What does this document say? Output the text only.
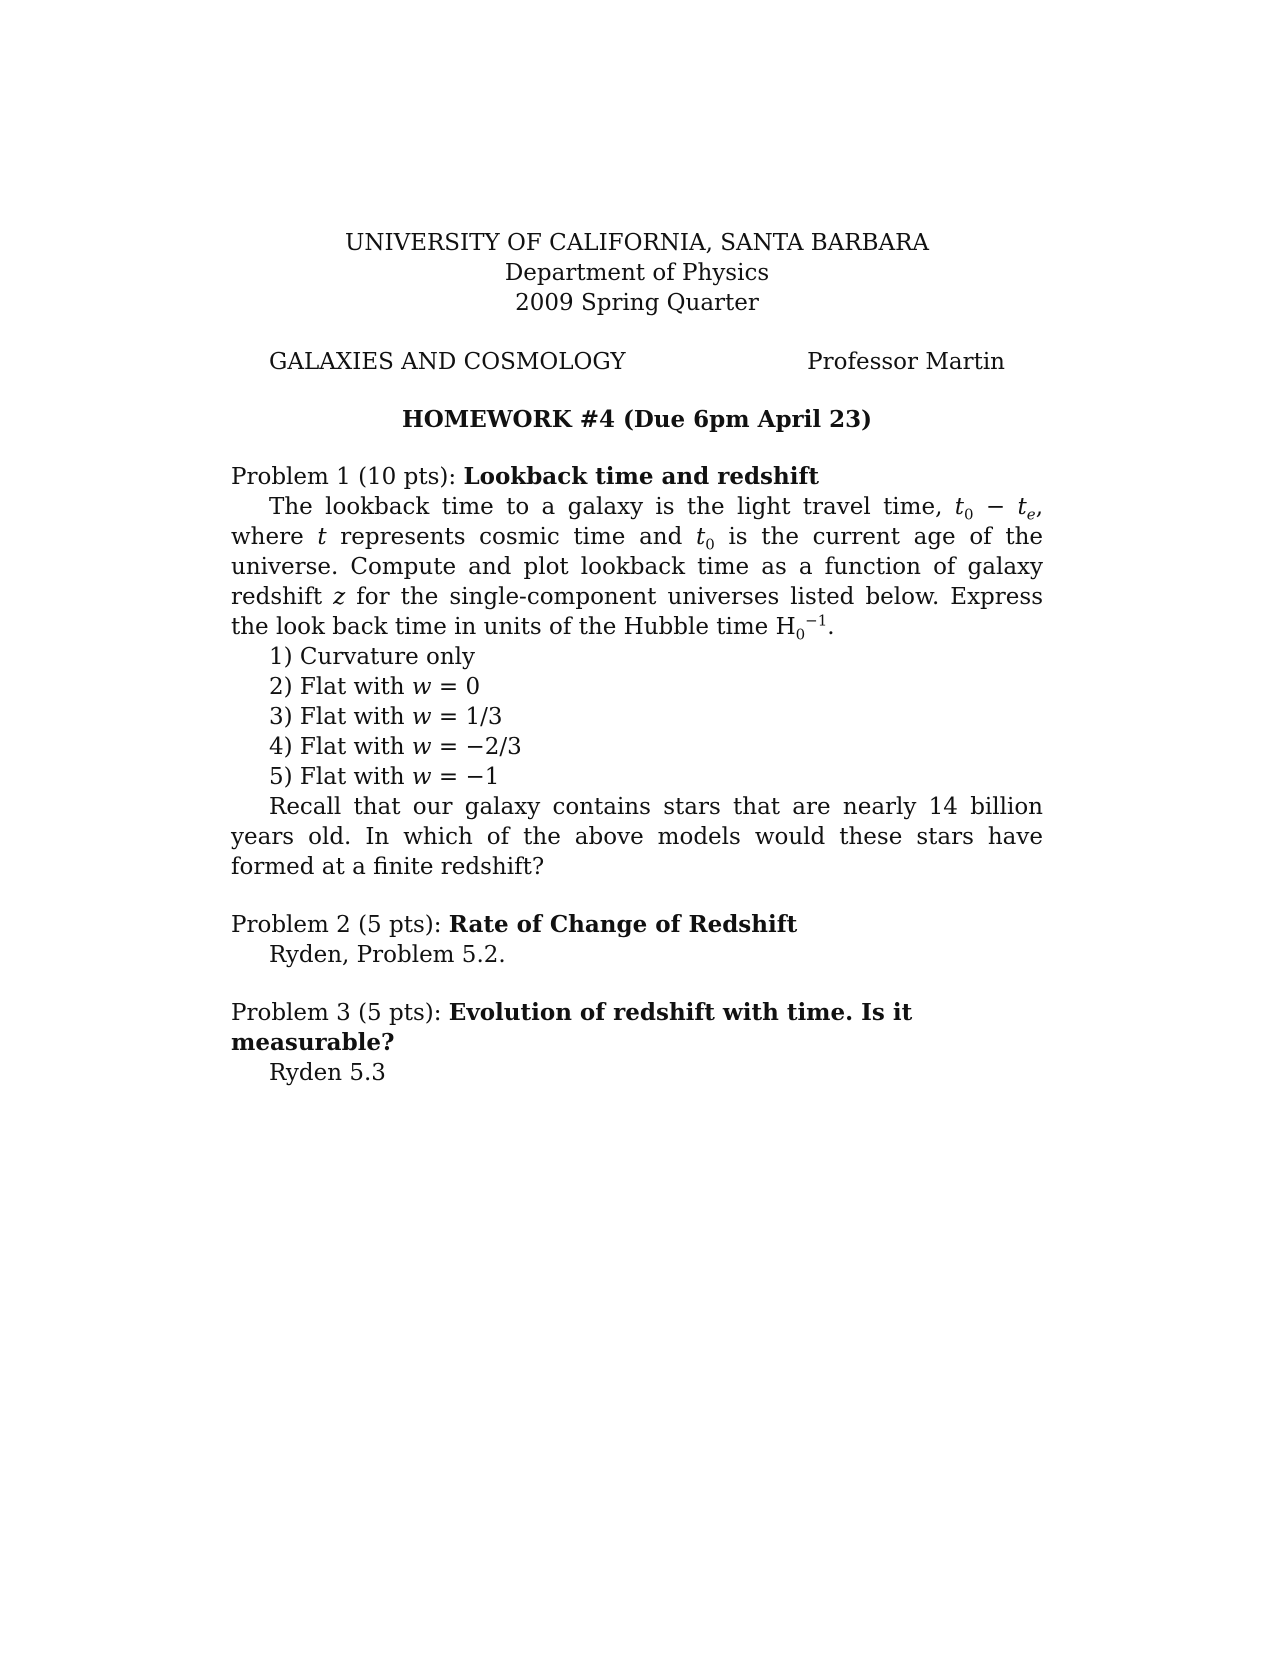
UNIVERSITY OF CALIFORNIA, SANTA BARBARA
Department of Physics
2009 Spring Quarter
GALAXIES AND COSMOLOGY	Professor Martin
HOMEWORK #4 (Due 6pm April 23)
Problem 1 (10 pts): Lookback time and redshift
The lookback time to a galaxy is the light travel time, $t_0 - t_e$, where t represents cosmic time and $t_0$ is the current age of the universe. Compute and plot lookback time as a function of galaxy redshift z for the single-component universes listed below. Express the look back time in units of the Hubble time $H_0^{-1}$.
1) Curvature only
2) Flat with w = 0
3) Flat with w = 1/3
4) Flat with w = −2/3
5) Flat with w = −1
Recall that our galaxy contains stars that are nearly 14 billion years old. In which of the above models would these stars have formed at a finite redshift?
Problem 2 (5 pts): Rate of Change of Redshift
Ryden, Problem 5.2.
Problem 3 (5 pts): Evolution of redshift with time. Is it measurable?
Ryden 5.3
